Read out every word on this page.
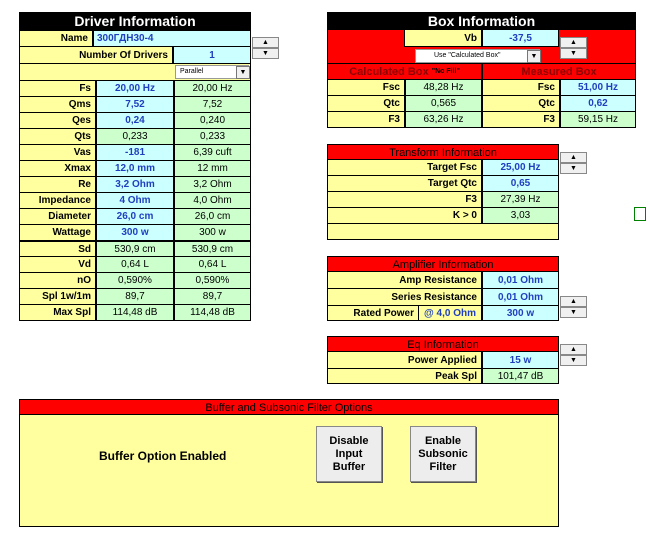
Driver Information
Name 300ГДН30-4	▲
▼
Number Of Drivers	1
Parallel	▼
Fs	20,00 Hz	20,00 Hz
Qms	7,52	7,52
Qes	0,24	0,240
Qts	0,233	0,233
Vas	-181	6,39 cuft
Xmax	12,0 mm	12 mm
Re	3,2 Ohm	3,2 Ohm
Impedance	4 Ohm	4,0 Ohm
Diameter	26,0 cm	26,0 cm
Wattage	300 w	300 w
Sd	530,9 cm	530,9 cm
Vd	0,64 L	0,64 L
nO	0,590%	0,590%
Spl 1w/1m	89,7	89,7
Max Spl	114,48 dB	114,48 dB
Box Information
Vb	-37,5
Use "Calculated Box"	▼
▲
▼
Calculated Box
"No Fill"	Measured Box
Fsc	48,28 Hz	Fsc	51,00 Hz
Qtc	0,565	Qtc	0,62
F3	63,26 Hz	F3	59,15 Hz
Transform Information
Target Fsc	25,00 Hz
Target Qtc	0,65
F3	27,39 Hz
K > 0	3,03
▲
▼
Amplifier Information
Amp Resistance	0,01 Ohm
Series Resistance	0,01 Ohm
Rated Power	@ 4,0 Ohm	300 w
▲
▼
Eq Information
Power Applied	15 w
Peak Spl	101,47 dB
▲
▼
Buffer and Subsonic Filter Options
Buffer Option Enabled
Disable
Input
Buffer
Enable
Subsonic
Filter
